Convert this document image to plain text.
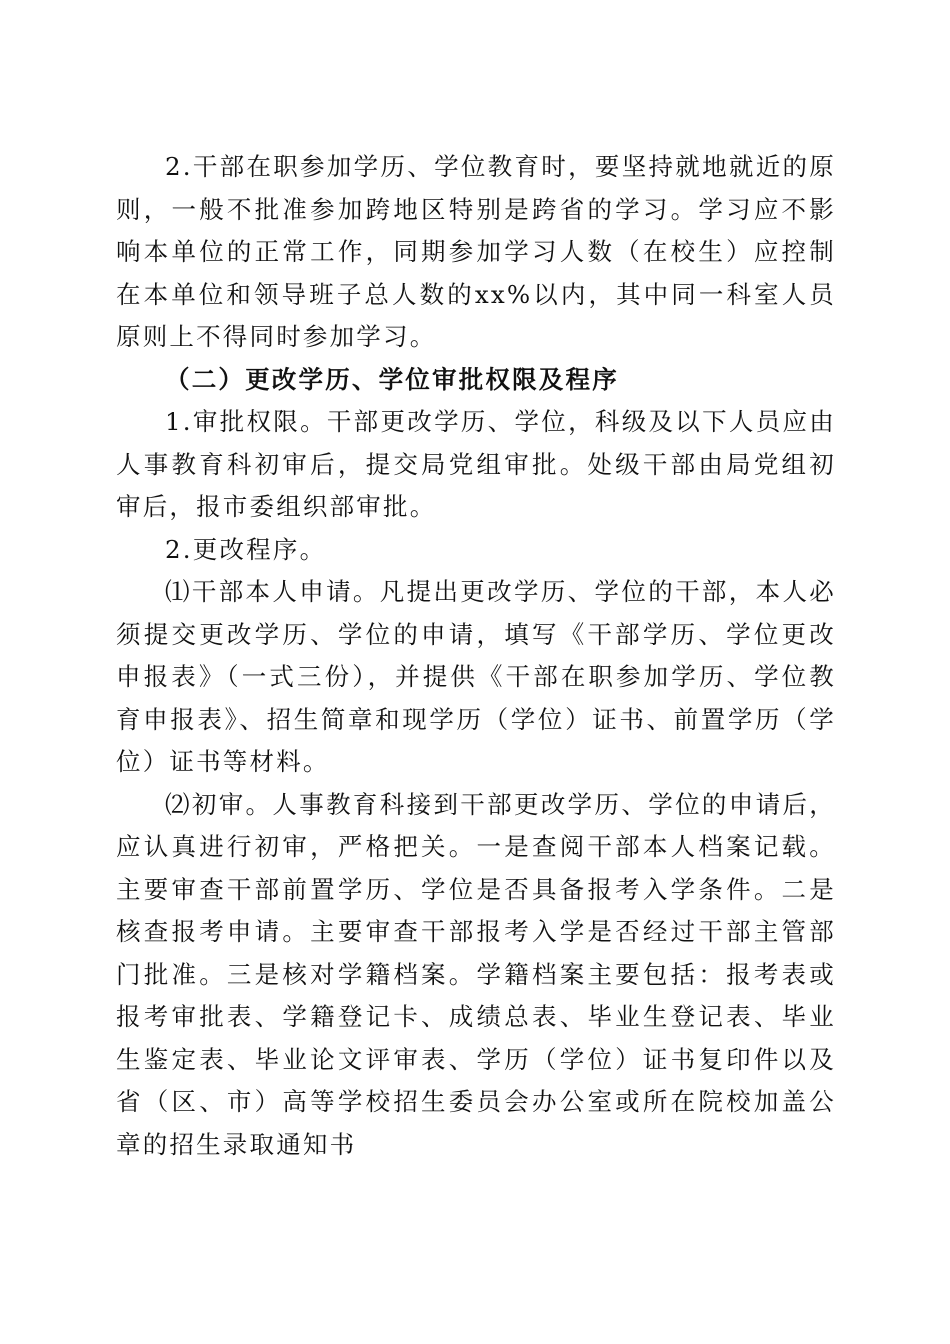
2.干部在职参加学历、学位教育时，要坚持就地就近的原则，一般不批准参加跨地区特别是跨省的学习。学习应不影响本单位的正常工作，同期参加学习人数（在校生）应控制在本单位和领导班子总人数的xx%以内，其中同一科室人员原则上不得同时参加学习。

（二）更改学历、学位审批权限及程序

1.审批权限。干部更改学历、学位，科级及以下人员应由人事教育科初审后，提交局党组审批。处级干部由局党组初审后，报市委组织部审批。

2.更改程序。

⑴干部本人申请。凡提出更改学历、学位的干部，本人必须提交更改学历、学位的申请，填写《干部学历、学位更改申报表》（一式三份），并提供《干部在职参加学历、学位教育申报表》、招生简章和现学历（学位）证书、前置学历（学位）证书等材料。

⑵初审。人事教育科接到干部更改学历、学位的申请后，应认真进行初审，严格把关。一是查阅干部本人档案记载。主要审查干部前置学历、学位是否具备报考入学条件。二是核查报考申请。主要审查干部报考入学是否经过干部主管部门批准。三是核对学籍档案。学籍档案主要包括：报考表或报考审批表、学籍登记卡、成绩总表、毕业生登记表、毕业生鉴定表、毕业论文评审表、学历（学位）证书复印件以及省（区、市）高等学校招生委员会办公室或所在院校加盖公章的招生录取通知书
